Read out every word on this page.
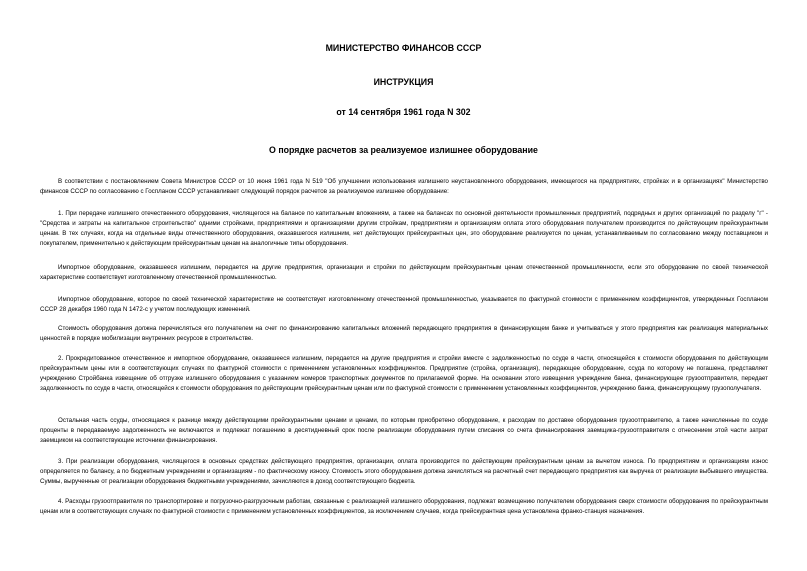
МИНИСТЕРСТВО ФИНАНСОВ СССР
ИНСТРУКЦИЯ
от 14 сентября 1961 года N 302
О порядке расчетов за реализуемое излишнее оборудование

В соответствии с постановлением Совета Министров СССР от 10 июня 1961 года N 519 "Об улучшении использования излишнего неустановленного оборудования, имеющегося на предприятиях, стройках и в организациях" Министерство финансов СССР по согласованию с Госпланом СССР устанавливает следующий порядок расчетов за реализуемое излишнее оборудование:

1. При передаче излишнего отечественного оборудования, числящегося на балансе по капитальным вложениям, а также на балансах по основной деятельности промышленных предприятий, подрядных и других организаций по разделу "г" - "Средства и затраты на капитальное строительство" одними стройками, предприятиями и организациями другим стройкам, предприятиям и организациям оплата этого оборудования получателем производится по действующим прейскурантным ценам. В тех случаях, когда на отдельные виды отечественного оборудования, оказавшегося излишним, нет действующих прейскурантных цен, это оборудование реализуется по ценам, устанавливаемым по согласованию между поставщиком и покупателем, применительно к действующим прейскурантным ценам на аналогичные типы оборудования.

Импортное оборудование, оказавшееся излишним, передается на другие предприятия, организации и стройки по действующим прейскурантным ценам отечественной промышленности, если это оборудование по своей технической характеристике соответствует изготовленному отечественной промышленностью.

Импортное оборудование, которое по своей технической характеристике не соответствует изготовленному отечественной промышленностью, указывается по фактурной стоимости с применением коэффициентов, утвержденных Госпланом СССР 28 декабря 1960 года N 1472-с у учетом последующих изменений.

Стоимость оборудования должна перечисляться его получателем на счет по финансированию капитальных вложений передающего предприятия в финансирующем банке и учитываться у этого предприятия как реализация материальных ценностей в порядке мобилизации внутренних ресурсов в строительстве.

2. Прокредитованное отечественное и импортное оборудование, оказавшееся излишним, передается на другие предприятия и стройки вместе с задолженностью по ссуде в части, относящейся к стоимости оборудования по действующим прейскурантным цены или в соответствующих случаях по фактурной стоимости с применением установленных коэффициентов. Предприятие (стройка, организация), передающее оборудование, ссуда по которому не погашена, представляет учреждению Стройбанка извещение об отгрузке излишнего оборудования с указанием номеров транспортных документов по прилагаемой форме. На основании этого извещения учреждение банка, финансирующее грузоотправителя, передает задолженность по ссуде в части, относящейся к стоимости оборудования по действующим прейскурантным ценам или по фактурной стоимости с применением установленных коэффициентов, учреждению банка, финансирующему грузополучателя.

Остальная часть ссуды, относящаяся к разнице между действующими прейскурантными ценами и ценами, по которым приобретено оборудование, к расходам по доставке оборудования грузоотправителю, а также начисленные по ссуде проценты в передаваемую задолженность не включаются и подлежат погашению в десятидневный срок после реализации оборудования путем списания со счета финансирования заемщика-грузоотправителя с отнесением этой части затрат заемщиком на соответствующие источники финансирования.

3. При реализации оборудования, числящегося в основных средствах действующего предприятия, организации, оплата производится по действующим прейскурантным ценам за вычетом износа. По предприятиям и организациям износ определяется по балансу, а по бюджетным учреждениям и организациям - по фактическому износу. Стоимость этого оборудования должна зачисляться на расчетный счет передающего предприятия как выручка от реализации выбывшего имущества. Суммы, вырученные от реализации оборудования бюджетными учреждениями, зачисляются в доход соответствующего бюджета.

4. Расходы грузоотправителя по транспортировке и погрузочно-разгрузочным работам, связанные с реализацией излишнего оборудования, подлежат возмещению получателем оборудования сверх стоимости оборудования по прейскурантным ценам или в соответствующих случаях по фактурной стоимости с применением установленных коэффициентов, за исключением случаев, когда прейскурантная цена установлена франко-станция назначения.
